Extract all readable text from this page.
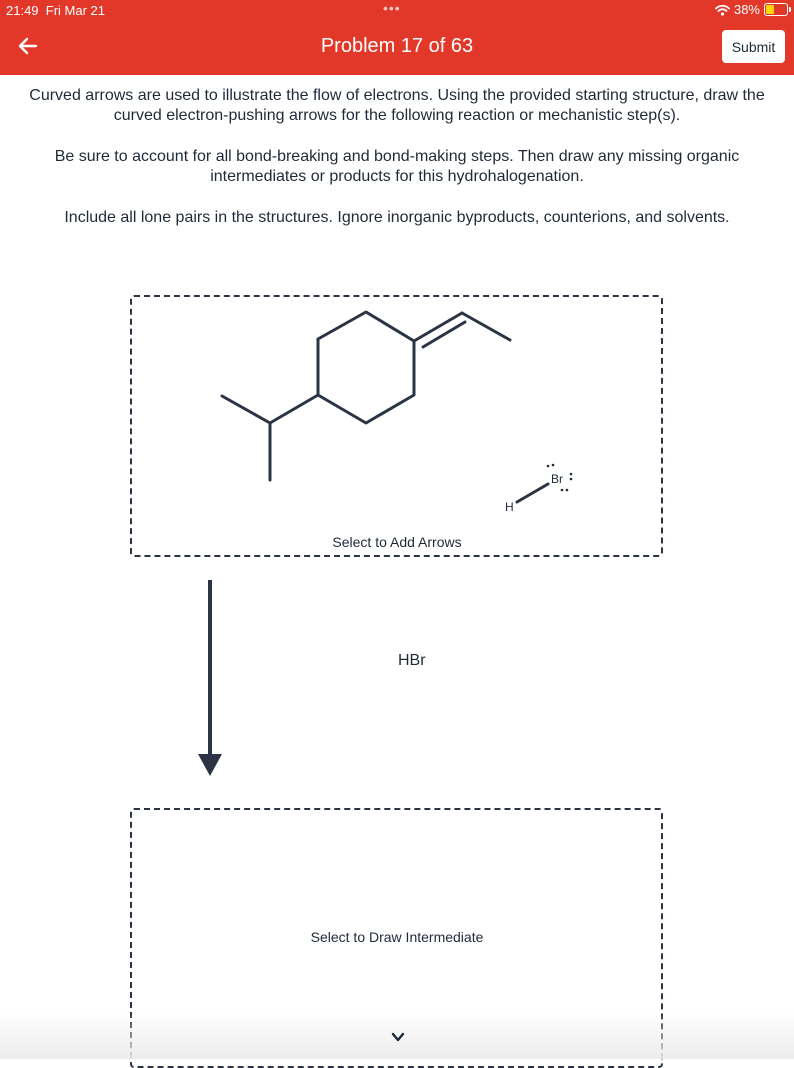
21:49 Fri Mar 21	•••	38%
Problem 17 of 63	Submit

Curved arrows are used to illustrate the flow of electrons. Using the provided starting structure, draw the curved electron-pushing arrows for the following reaction or mechanistic step(s).

Be sure to account for all bond-breaking and bond-making steps. Then draw any missing organic intermediates or products for this hydrohalogenation.

Include all lone pairs in the structures. Ignore inorganic byproducts, counterions, and solvents.

H
Br
Select to Add Arrows
HBr
Select to Draw Intermediate
